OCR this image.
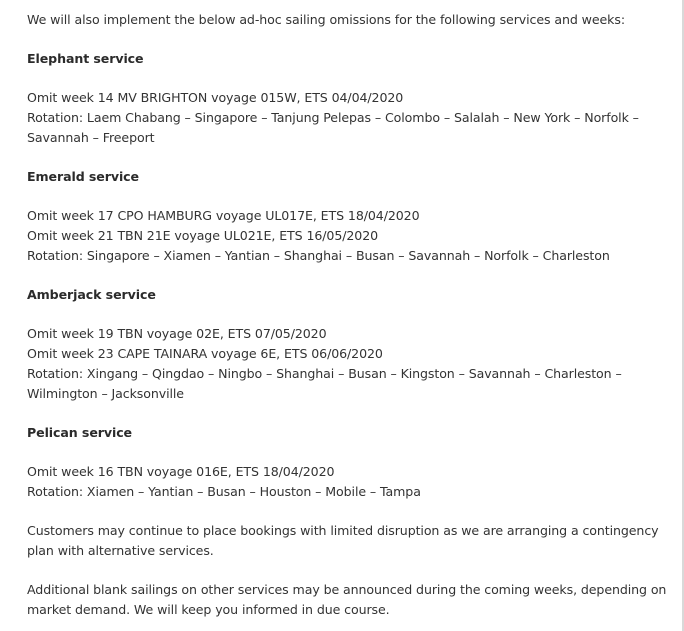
We will also implement the below ad-hoc sailing omissions for the following services and weeks:
Elephant service
Omit week 14 MV BRIGHTON voyage 015W, ETS 04/04/2020
Rotation: Laem Chabang – Singapore – Tanjung Pelepas – Colombo – Salalah – New York – Norfolk –
Savannah – Freeport
Emerald service
Omit week 17 CPO HAMBURG voyage UL017E, ETS 18/04/2020
Omit week 21 TBN 21E voyage UL021E, ETS 16/05/2020
Rotation: Singapore – Xiamen – Yantian – Shanghai – Busan – Savannah – Norfolk – Charleston
Amberjack service
Omit week 19 TBN voyage 02E, ETS 07/05/2020
Omit week 23 CAPE TAINARA voyage 6E, ETS 06/06/2020
Rotation: Xingang – Qingdao – Ningbo – Shanghai – Busan – Kingston – Savannah – Charleston –
Wilmington – Jacksonville
Pelican service
Omit week 16 TBN voyage 016E, ETS 18/04/2020
Rotation: Xiamen – Yantian – Busan – Houston – Mobile – Tampa
Customers may continue to place bookings with limited disruption as we are arranging a contingency
plan with alternative services.
Additional blank sailings on other services may be announced during the coming weeks, depending on
market demand. We will keep you informed in due course.
